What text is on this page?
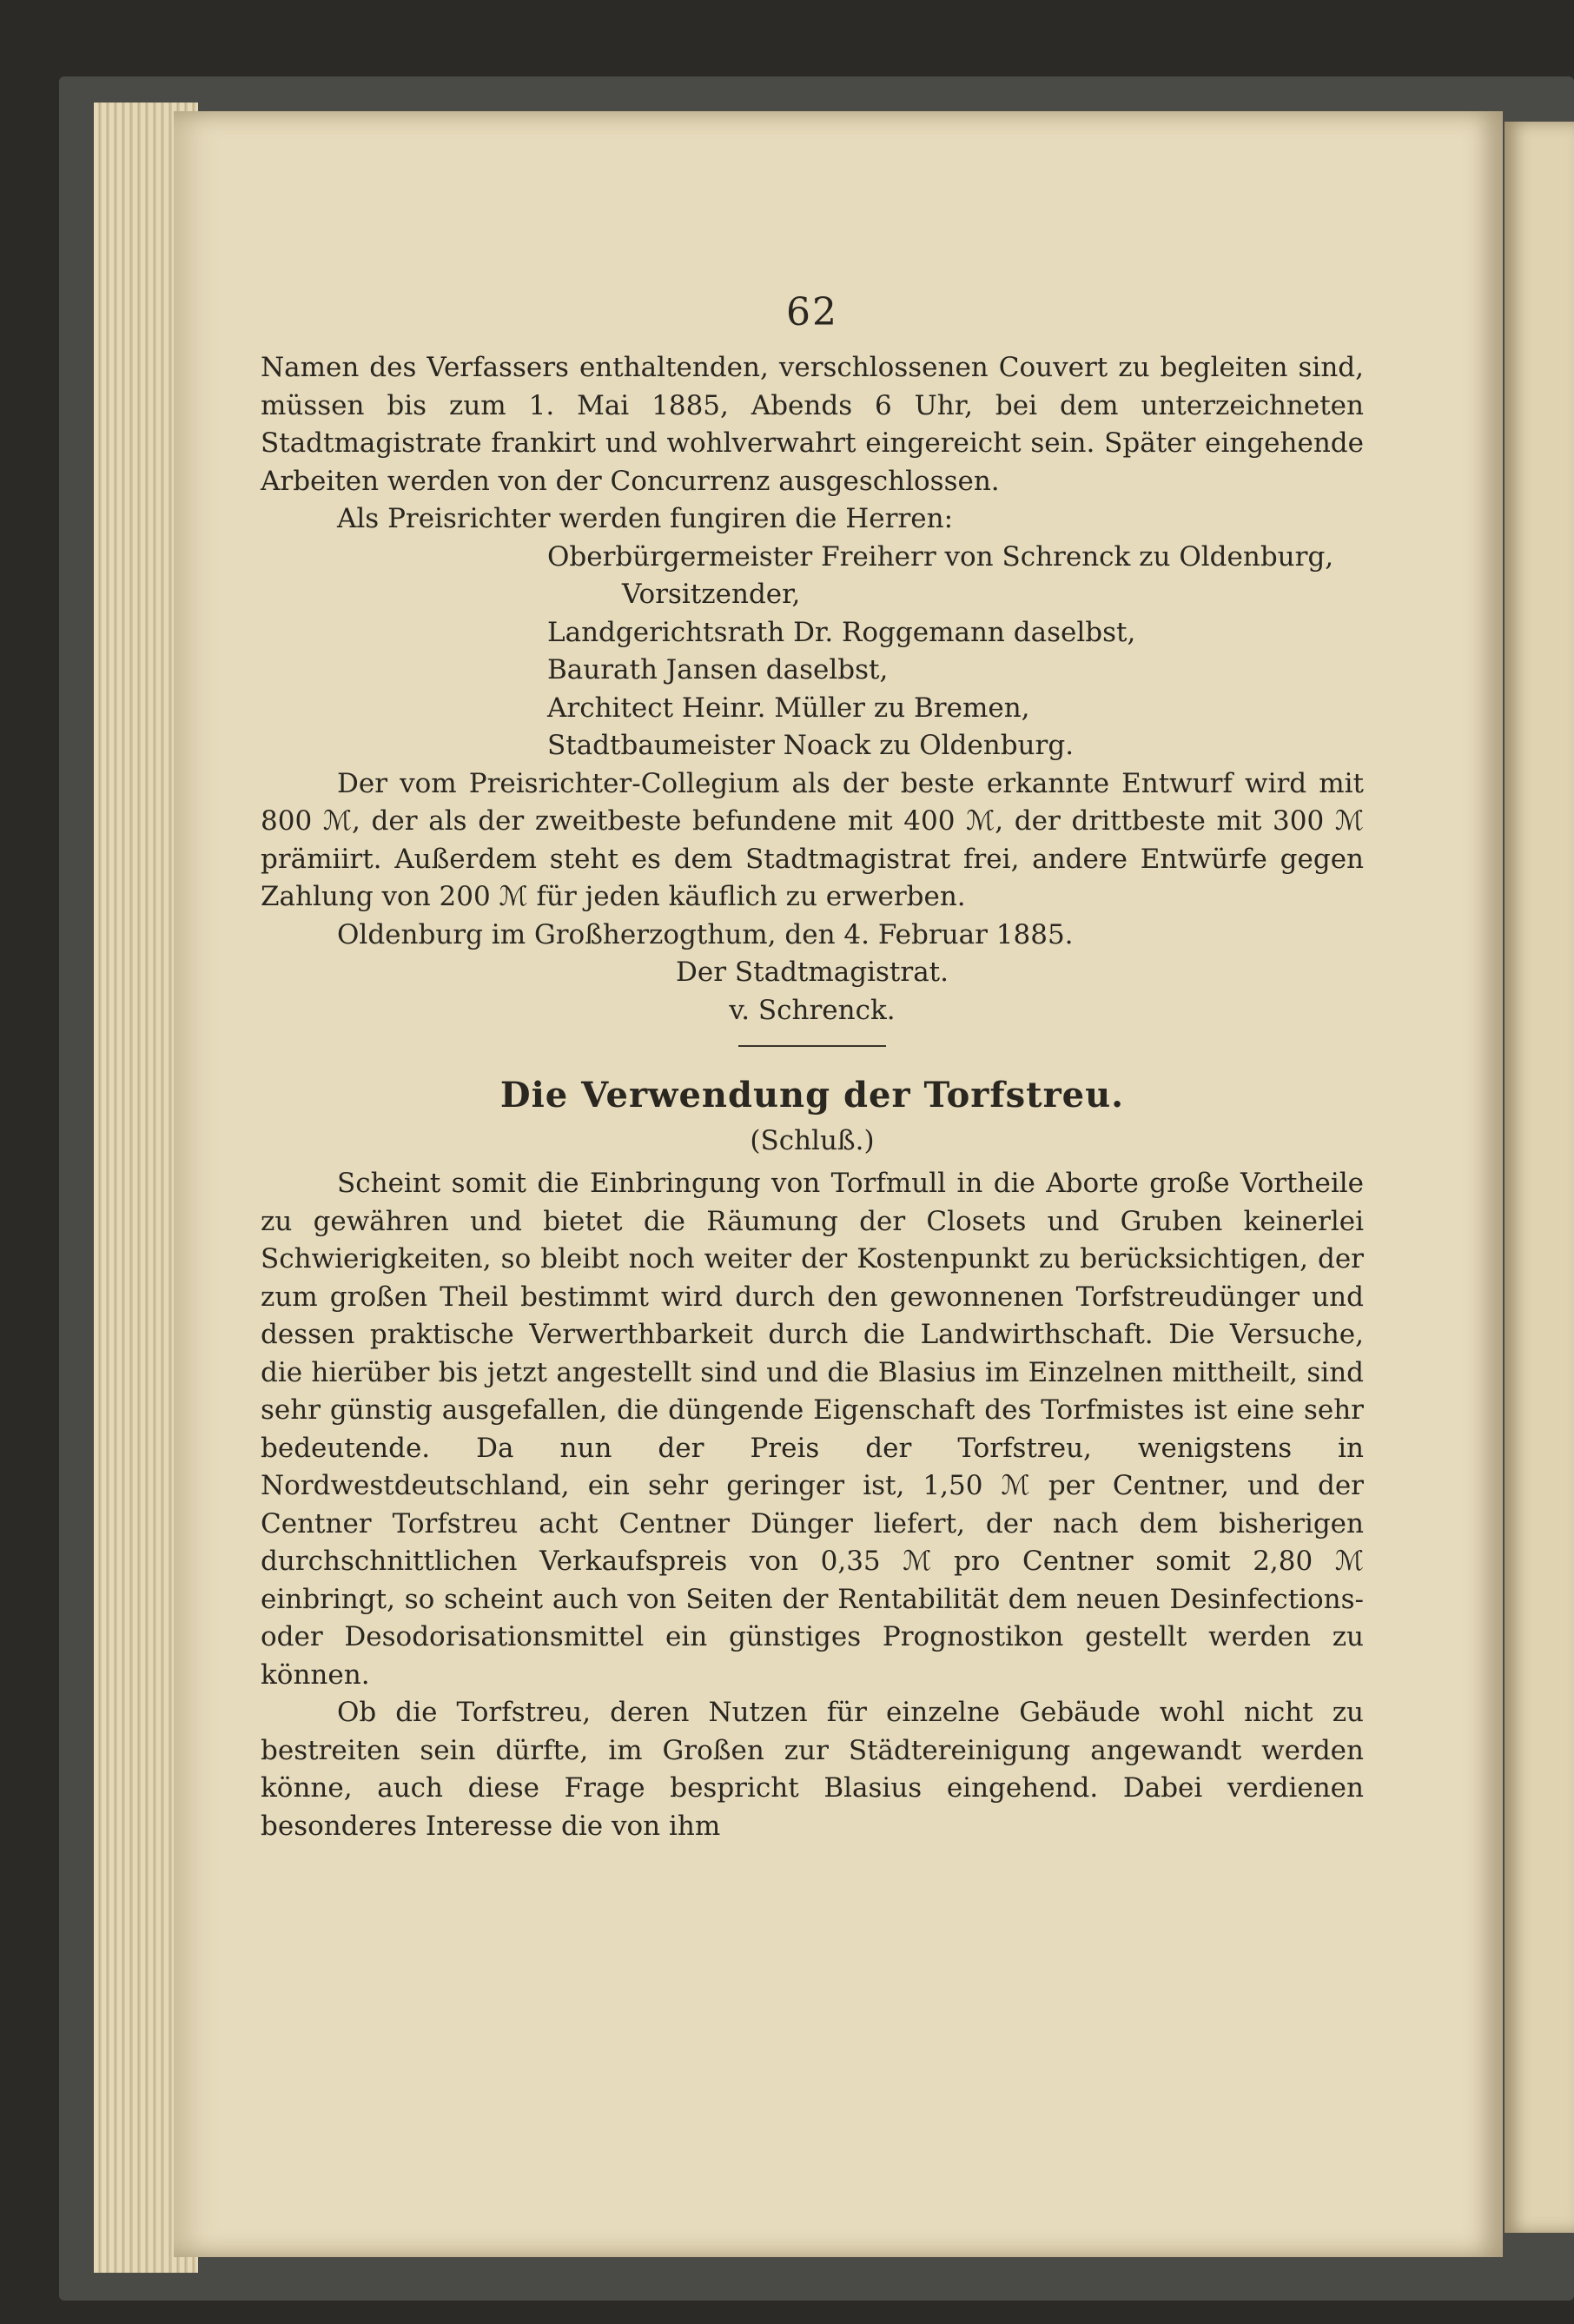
62

Namen des Verfassers enthaltenden, verschlossenen Couvert zu begleiten sind, müssen bis zum 1. Mai 1885, Abends 6 Uhr, bei dem unterzeichneten Stadtmagistrate frankirt und wohlverwahrt eingereicht sein. Später eingehende Arbeiten werden von der Concurrenz ausgeschlossen.

Als Preisrichter werden fungiren die Herren:

Oberbürgermeister Freiherr von Schrenck zu Oldenburg,
Vorsitzender,
Landgerichtsrath Dr. Roggemann daselbst,
Baurath Jansen daselbst,
Architect Heinr. Müller zu Bremen,
Stadtbaumeister Noack zu Oldenburg.

Der vom Preisrichter-Collegium als der beste erkannte Entwurf wird mit 800 ℳ, der als der zweitbeste befundene mit 400 ℳ, der drittbeste mit 300 ℳ prämiirt. Außerdem steht es dem Stadtmagistrat frei, andere Entwürfe gegen Zahlung von 200 ℳ für jeden käuflich zu erwerben.

Oldenburg im Großherzogthum, den 4. Februar 1885.
Der Stadtmagistrat.
v. Schrenck.
Die Verwendung der Torfstreu.
(Schluß.)

Scheint somit die Einbringung von Torfmull in die Aborte große Vortheile zu gewähren und bietet die Räumung der Closets und Gruben keinerlei Schwierigkeiten, so bleibt noch weiter der Kostenpunkt zu berücksichtigen, der zum großen Theil bestimmt wird durch den gewonnenen Torfstreudünger und dessen praktische Verwerthbarkeit durch die Landwirthschaft. Die Versuche, die hierüber bis jetzt angestellt sind und die Blasius im Einzelnen mittheilt, sind sehr günstig ausgefallen, die düngende Eigenschaft des Torfmistes ist eine sehr bedeutende. Da nun der Preis der Torfstreu, wenigstens in Nordwestdeutschland, ein sehr geringer ist, 1,50 ℳ per Centner, und der Centner Torfstreu acht Centner Dünger liefert, der nach dem bisherigen durchschnittlichen Verkaufspreis von 0,35 ℳ pro Centner somit 2,80 ℳ einbringt, so scheint auch von Seiten der Rentabilität dem neuen Desinfections- oder Desodorisationsmittel ein günstiges Prognostikon gestellt werden zu können.

Ob die Torfstreu, deren Nutzen für einzelne Gebäude wohl nicht zu bestreiten sein dürfte, im Großen zur Städtereinigung angewandt werden könne, auch diese Frage bespricht Blasius eingehend. Dabei verdienen besonderes Interesse die von ihm
